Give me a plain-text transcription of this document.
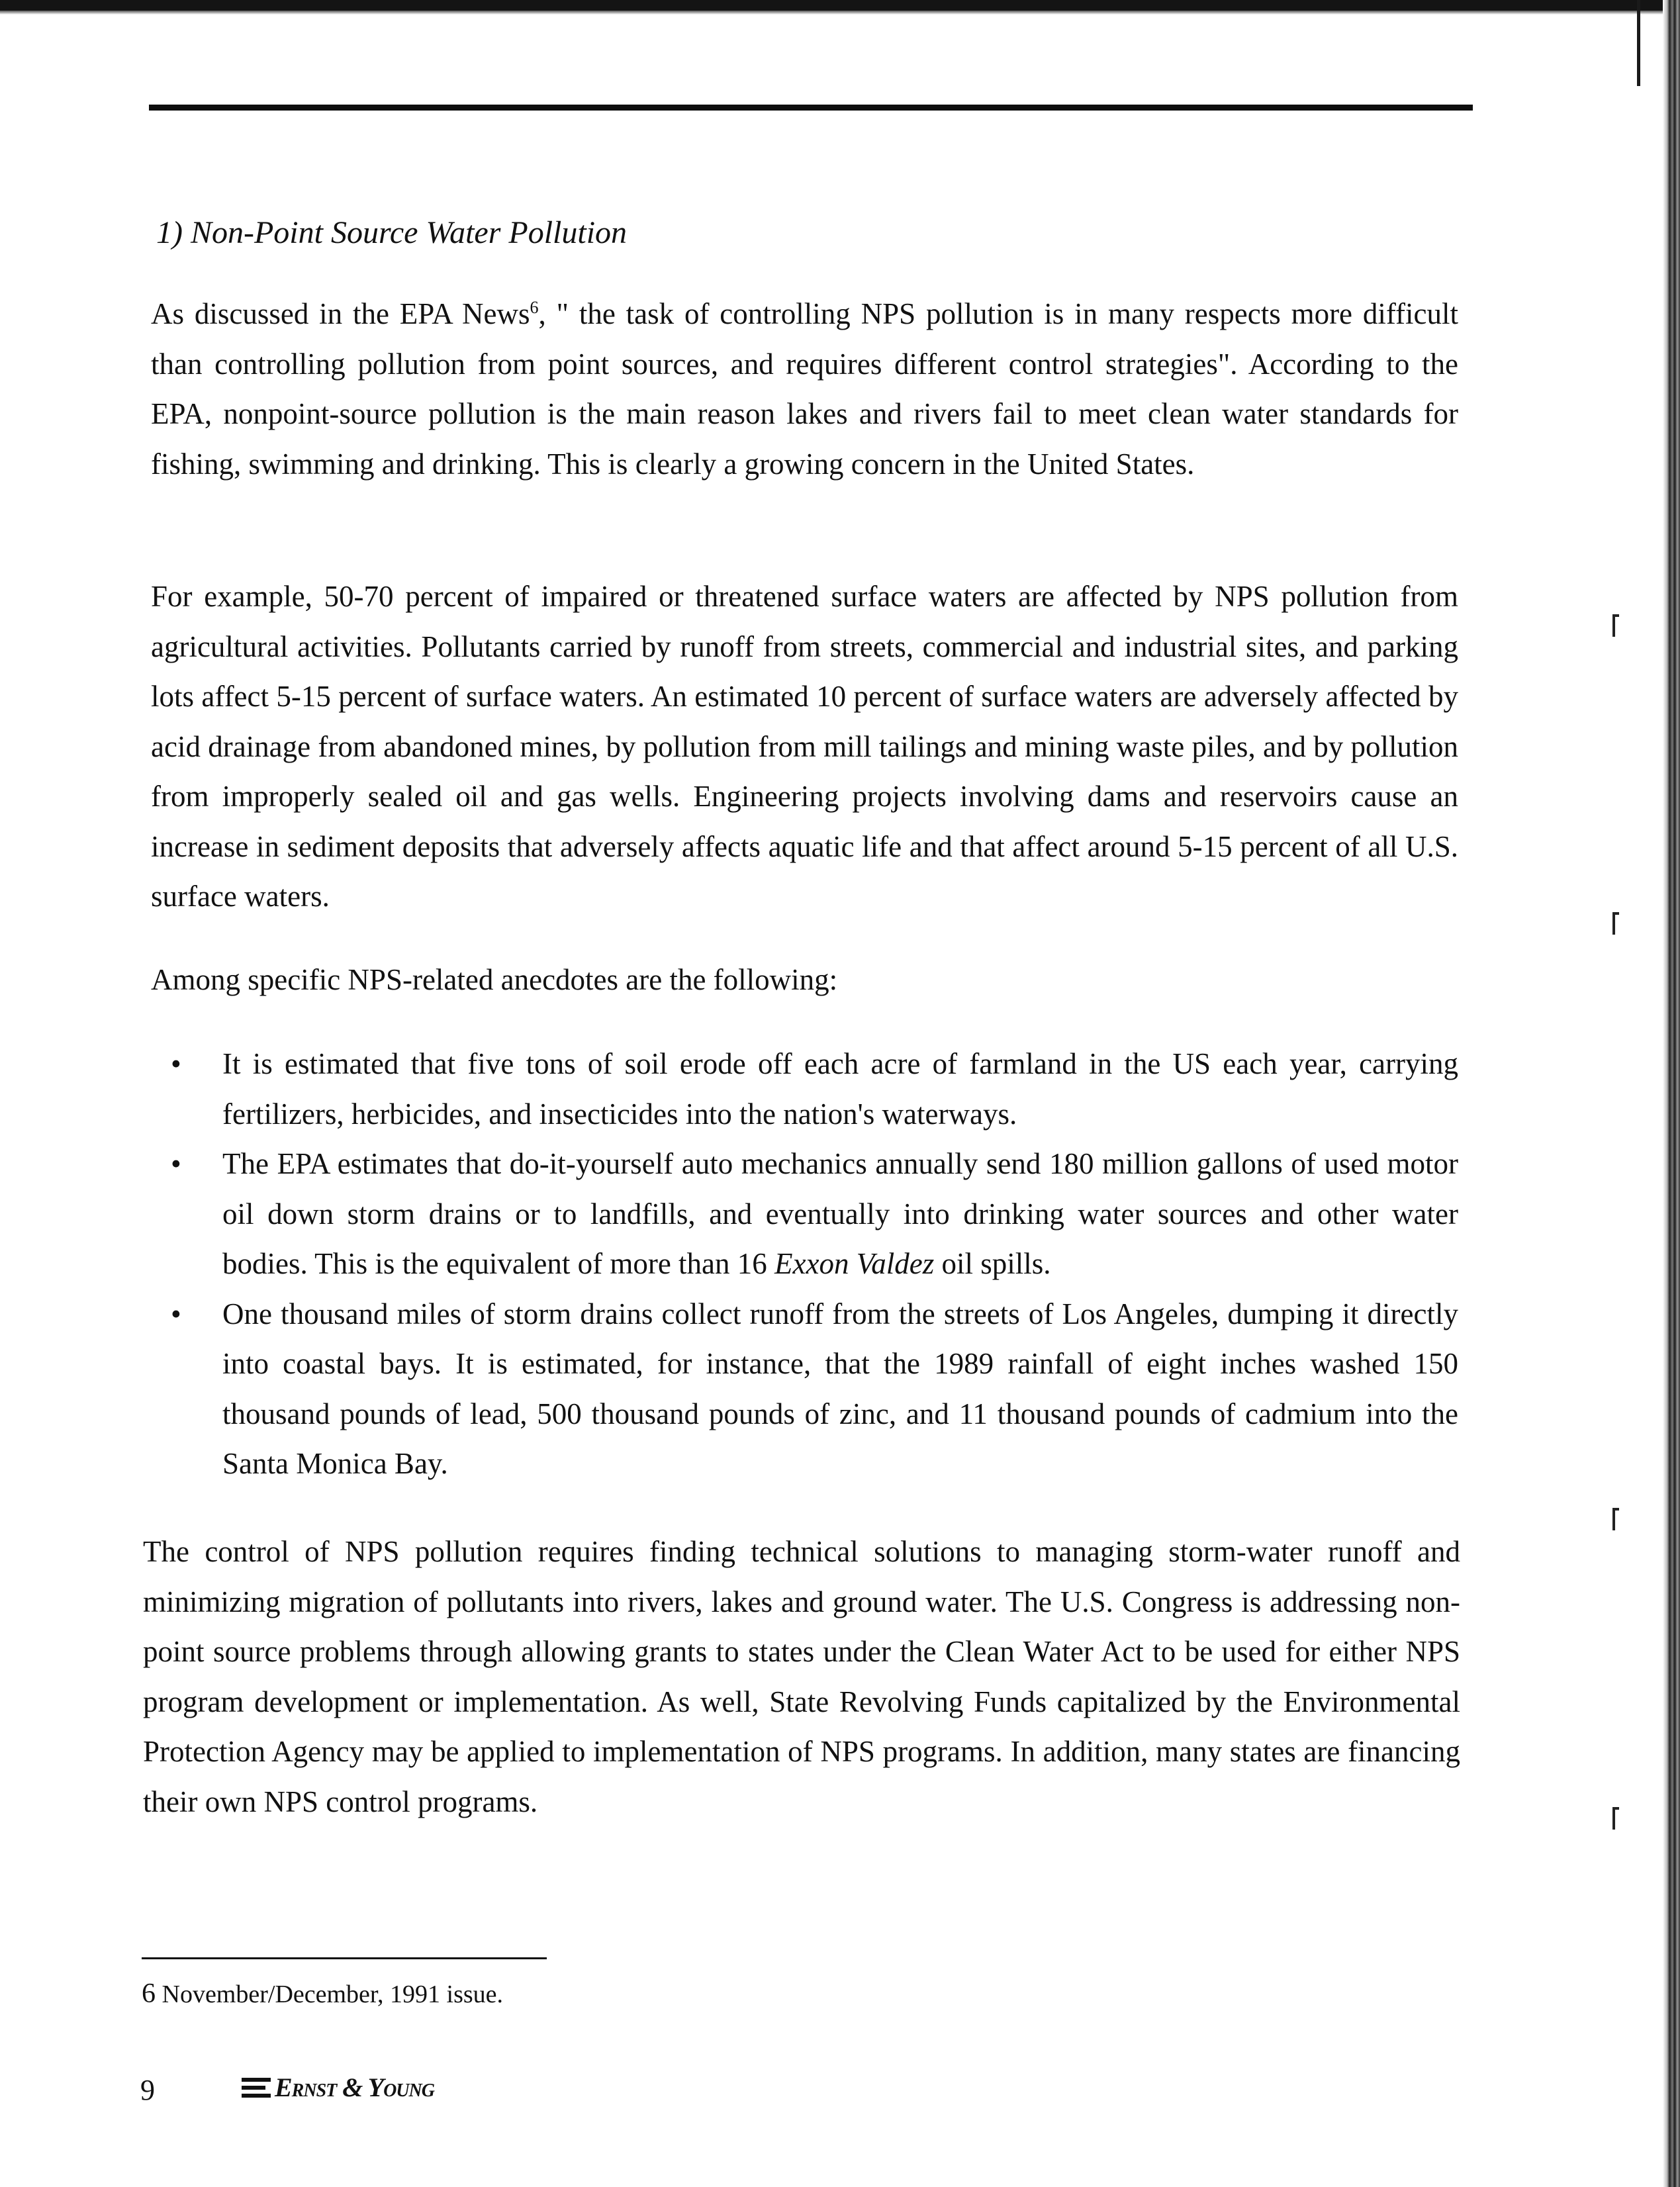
1) Non-Point Source Water Pollution

As discussed in the EPA News$^6$, " the task of controlling NPS pollution is in many respects more difficult than controlling pollution from point sources, and requires different control strategies". According to the EPA, nonpoint-source pollution is the main reason lakes and rivers fail to meet clean water standards for fishing, swimming and drinking. This is clearly a growing concern in the United States.

For example, 50-70 percent of impaired or threatened surface waters are affected by NPS pollution from agricultural activities. Pollutants carried by runoff from streets, commercial and industrial sites, and parking lots affect 5-15 percent of surface waters. An estimated 10 percent of surface waters are adversely affected by acid drainage from abandoned mines, by pollution from mill tailings and mining waste piles, and by pollution from improperly sealed oil and gas wells. Engineering projects involving dams and reservoirs cause an increase in sediment deposits that adversely affects aquatic life and that affect around 5-15 percent of all U.S. surface waters.

Among specific NPS-related anecdotes are the following:

• It is estimated that five tons of soil erode off each acre of farmland in the US each year, carrying fertilizers, herbicides, and insecticides into the nation's waterways.
• The EPA estimates that do-it-yourself auto mechanics annually send 180 million gallons of used motor oil down storm drains or to landfills, and eventually into drinking water sources and other water bodies. This is the equivalent of more than 16 Exxon Valdez oil spills.
• One thousand miles of storm drains collect runoff from the streets of Los Angeles, dumping it directly into coastal bays. It is estimated, for instance, that the 1989 rainfall of eight inches washed 150 thousand pounds of lead, 500 thousand pounds of zinc, and 11 thousand pounds of cadmium into the Santa Monica Bay.

The control of NPS pollution requires finding technical solutions to managing storm-water runoff and minimizing migration of pollutants into rivers, lakes and ground water. The U.S. Congress is addressing non-point source problems through allowing grants to states under the Clean Water Act to be used for either NPS program development or implementation. As well, State Revolving Funds capitalized by the Environmental Protection Agency may be applied to implementation of NPS programs. In addition, many states are financing their own NPS control programs.

6 November/December, 1991 issue.

9	Ernst & Young
